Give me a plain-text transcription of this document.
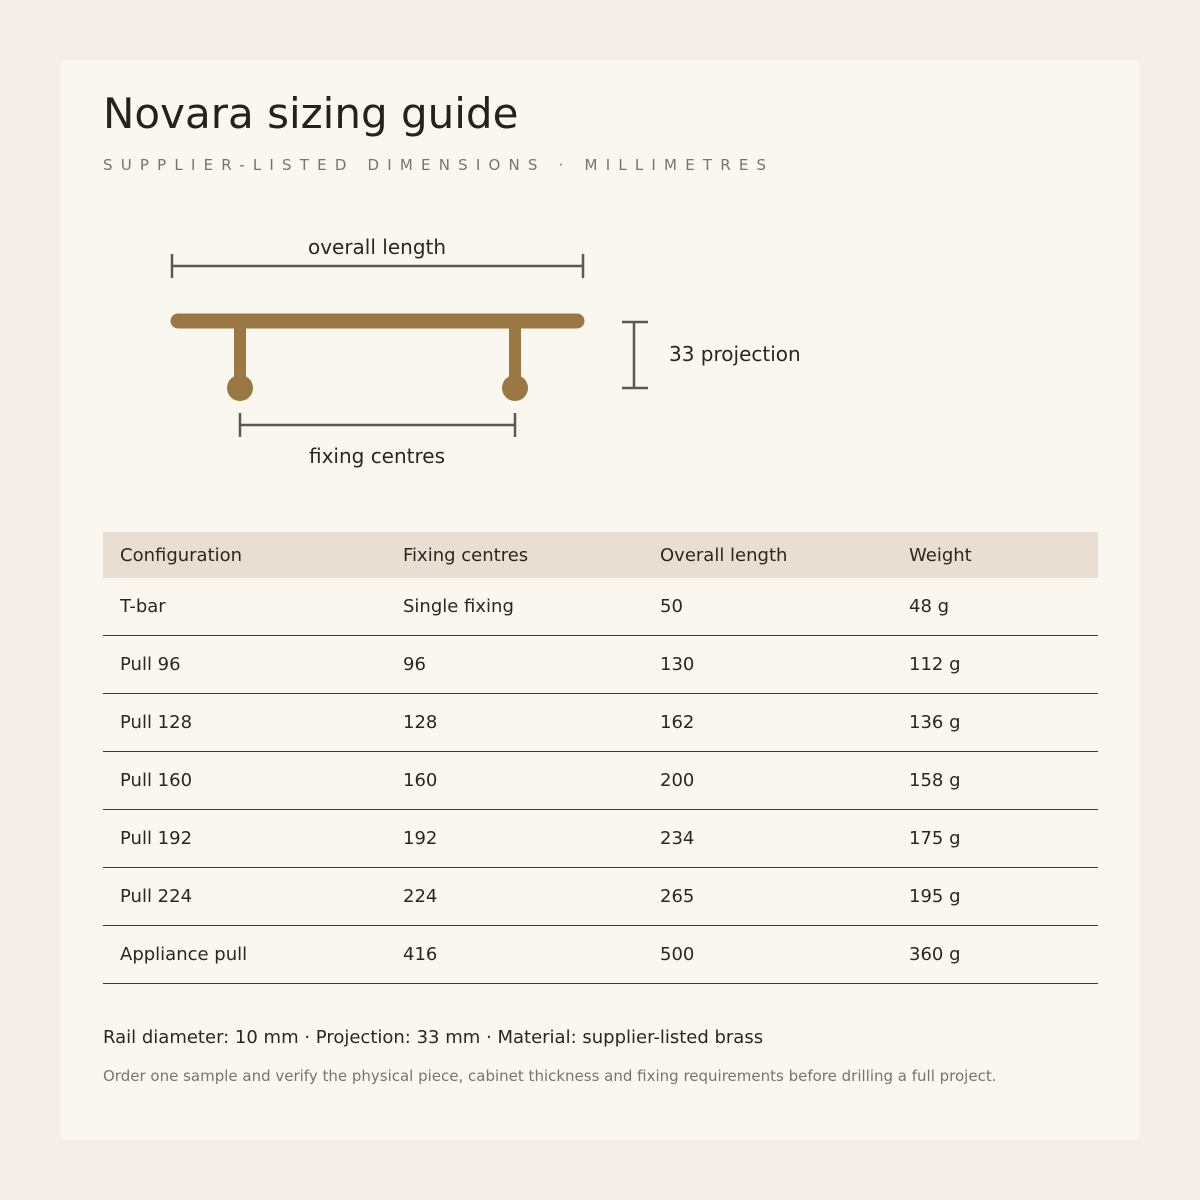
Novara sizing guide
SUPPLIER-LISTED DIMENSIONS · MILLIMETRES
overall length
fixing centres
33 projection
Configuration	Fixing centres	Overall length	Weight
T-bar	Single fixing	50	48 g
Pull 96	96	130	112 g
Pull 128	128	162	136 g
Pull 160	160	200	158 g
Pull 192	192	234	175 g
Pull 224	224	265	195 g
Appliance pull	416	500	360 g
Rail diameter: 10 mm · Projection: 33 mm · Material: supplier-listed brass
Order one sample and verify the physical piece, cabinet thickness and fixing requirements before drilling a full project.
